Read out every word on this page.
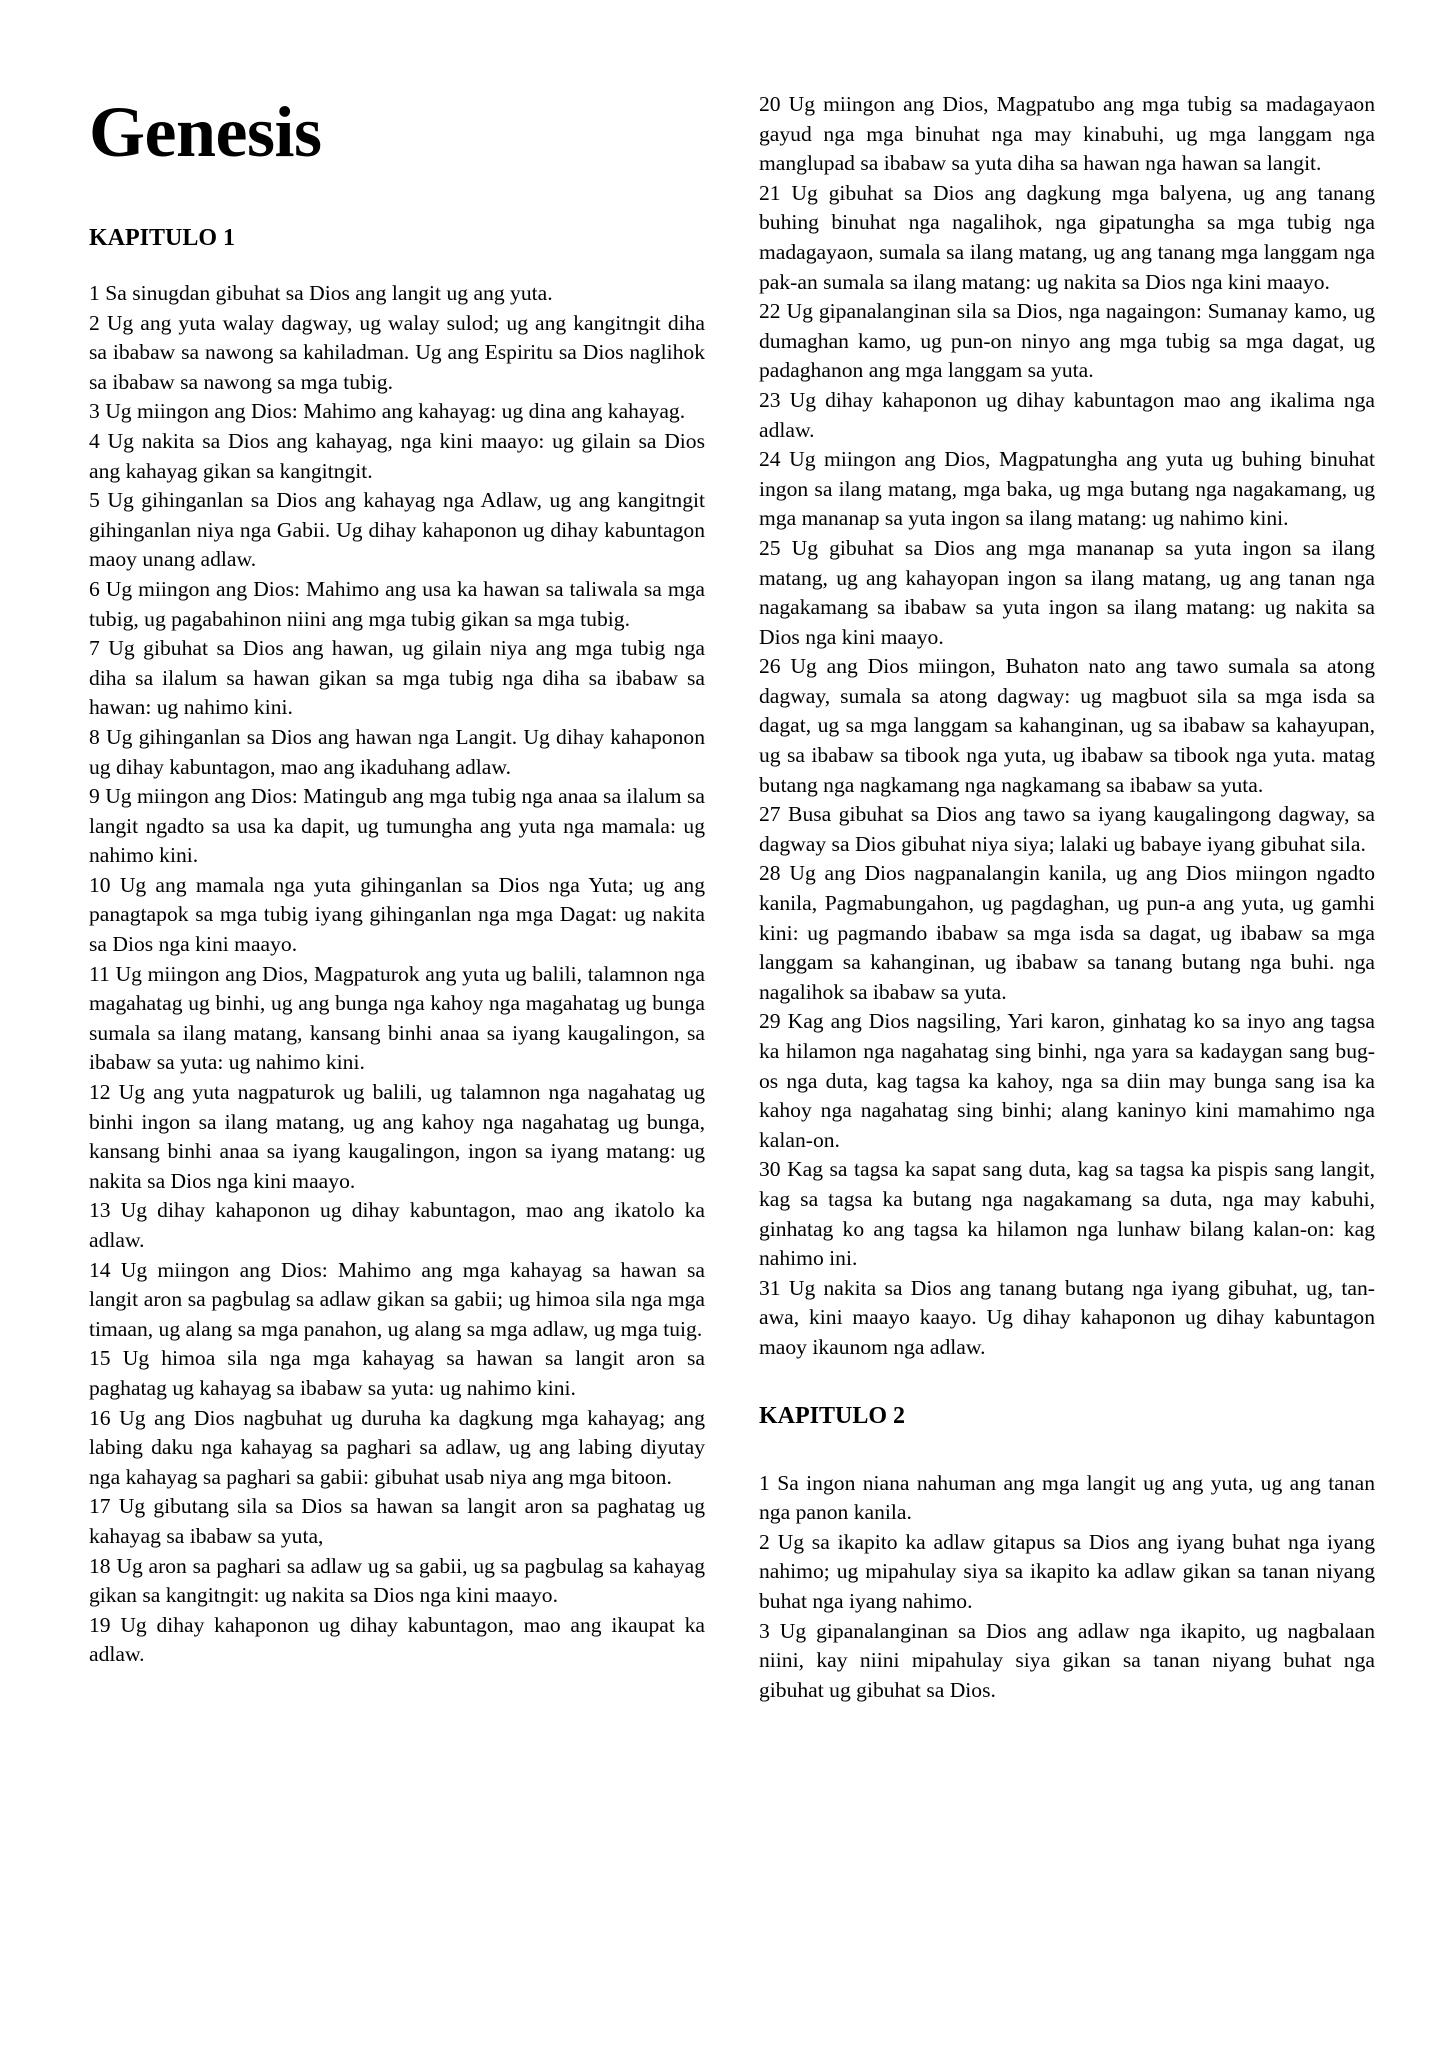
Genesis
KAPITULO 1

1 Sa sinugdan gibuhat sa Dios ang langit ug ang yuta.

2 Ug ang yuta walay dagway, ug walay sulod; ug ang kangitngit diha sa ibabaw sa nawong sa kahiladman. Ug ang Espiritu sa Dios naglihok sa ibabaw sa nawong sa mga tubig.

3 Ug miingon ang Dios: Mahimo ang kahayag: ug dina ang kahayag.

4 Ug nakita sa Dios ang kahayag, nga kini maayo: ug gilain sa Dios ang kahayag gikan sa kangitngit.

5 Ug gihinganlan sa Dios ang kahayag nga Adlaw, ug ang kangitngit gihinganlan niya nga Gabii. Ug dihay kahaponon ug dihay kabuntagon maoy unang adlaw.

6 Ug miingon ang Dios: Mahimo ang usa ka hawan sa taliwala sa mga tubig, ug pagabahinon niini ang mga tubig gikan sa mga tubig.

7 Ug gibuhat sa Dios ang hawan, ug gilain niya ang mga tubig nga diha sa ilalum sa hawan gikan sa mga tubig nga diha sa ibabaw sa hawan: ug nahimo kini.

8 Ug gihinganlan sa Dios ang hawan nga Langit. Ug dihay kahaponon ug dihay kabuntagon, mao ang ikaduhang adlaw.

9 Ug miingon ang Dios: Matingub ang mga tubig nga anaa sa ilalum sa langit ngadto sa usa ka dapit, ug tumungha ang yuta nga mamala: ug nahimo kini.

10 Ug ang mamala nga yuta gihinganlan sa Dios nga Yuta; ug ang panagtapok sa mga tubig iyang gihinganlan nga mga Dagat: ug nakita sa Dios nga kini maayo.

11 Ug miingon ang Dios, Magpaturok ang yuta ug balili, talamnon nga magahatag ug binhi, ug ang bunga nga kahoy nga magahatag ug bunga sumala sa ilang matang, kansang binhi anaa sa iyang kaugalingon, sa ibabaw sa yuta: ug nahimo kini.

12 Ug ang yuta nagpaturok ug balili, ug talamnon nga nagahatag ug binhi ingon sa ilang matang, ug ang kahoy nga nagahatag ug bunga, kansang binhi anaa sa iyang kaugalingon, ingon sa iyang matang: ug nakita sa Dios nga kini maayo.

13 Ug dihay kahaponon ug dihay kabuntagon, mao ang ikatolo ka adlaw.

14 Ug miingon ang Dios: Mahimo ang mga kahayag sa hawan sa langit aron sa pagbulag sa adlaw gikan sa gabii; ug himoa sila nga mga timaan, ug alang sa mga panahon, ug alang sa mga adlaw, ug mga tuig.

15 Ug himoa sila nga mga kahayag sa hawan sa langit aron sa paghatag ug kahayag sa ibabaw sa yuta: ug nahimo kini.

16 Ug ang Dios nagbuhat ug duruha ka dagkung mga kahayag; ang labing daku nga kahayag sa paghari sa adlaw, ug ang labing diyutay nga kahayag sa paghari sa gabii: gibuhat usab niya ang mga bitoon.

17 Ug gibutang sila sa Dios sa hawan sa langit aron sa paghatag ug kahayag sa ibabaw sa yuta,

18 Ug aron sa paghari sa adlaw ug sa gabii, ug sa pagbulag sa kahayag gikan sa kangitngit: ug nakita sa Dios nga kini maayo.

19 Ug dihay kahaponon ug dihay kabuntagon, mao ang ikaupat ka adlaw.

20 Ug miingon ang Dios, Magpatubo ang mga tubig sa madagayaon gayud nga mga binuhat nga may kinabuhi, ug mga langgam nga manglupad sa ibabaw sa yuta diha sa hawan nga hawan sa langit.

21 Ug gibuhat sa Dios ang dagkung mga balyena, ug ang tanang buhing binuhat nga nagalihok, nga gipatungha sa mga tubig nga madagayaon, sumala sa ilang matang, ug ang tanang mga langgam nga pak-an sumala sa ilang matang: ug nakita sa Dios nga kini maayo.

22 Ug gipanalanginan sila sa Dios, nga nagaingon: Sumanay kamo, ug dumaghan kamo, ug pun-on ninyo ang mga tubig sa mga dagat, ug padaghanon ang mga langgam sa yuta.

23 Ug dihay kahaponon ug dihay kabuntagon mao ang ikalima nga adlaw.

24 Ug miingon ang Dios, Magpatungha ang yuta ug buhing binuhat ingon sa ilang matang, mga baka, ug mga butang nga nagakamang, ug mga mananap sa yuta ingon sa ilang matang: ug nahimo kini.

25 Ug gibuhat sa Dios ang mga mananap sa yuta ingon sa ilang matang, ug ang kahayopan ingon sa ilang matang, ug ang tanan nga nagakamang sa ibabaw sa yuta ingon sa ilang matang: ug nakita sa Dios nga kini maayo.

26 Ug ang Dios miingon, Buhaton nato ang tawo sumala sa atong dagway, sumala sa atong dagway: ug magbuot sila sa mga isda sa dagat, ug sa mga langgam sa kahanginan, ug sa ibabaw sa kahayupan, ug sa ibabaw sa tibook nga yuta, ug ibabaw sa tibook nga yuta. matag butang nga nagkamang nga nagkamang sa ibabaw sa yuta.

27 Busa gibuhat sa Dios ang tawo sa iyang kaugalingong dagway, sa dagway sa Dios gibuhat niya siya; lalaki ug babaye iyang gibuhat sila.

28 Ug ang Dios nagpanalangin kanila, ug ang Dios miingon ngadto kanila, Pagmabungahon, ug pagdaghan, ug pun-a ang yuta, ug gamhi kini: ug pagmando ibabaw sa mga isda sa dagat, ug ibabaw sa mga langgam sa kahanginan, ug ibabaw sa tanang butang nga buhi. nga nagalihok sa ibabaw sa yuta.

29 Kag ang Dios nagsiling, Yari karon, ginhatag ko sa inyo ang tagsa ka hilamon nga nagahatag sing binhi, nga yara sa kadaygan sang bug-os nga duta, kag tagsa ka kahoy, nga sa diin may bunga sang isa ka kahoy nga nagahatag sing binhi; alang kaninyo kini mamahimo nga kalan-on.

30 Kag sa tagsa ka sapat sang duta, kag sa tagsa ka pispis sang langit, kag sa tagsa ka butang nga nagakamang sa duta, nga may kabuhi, ginhatag ko ang tagsa ka hilamon nga lunhaw bilang kalan-on: kag nahimo ini.

31 Ug nakita sa Dios ang tanang butang nga iyang gibuhat, ug, tan-awa, kini maayo kaayo. Ug dihay kahaponon ug dihay kabuntagon maoy ikaunom nga adlaw.

KAPITULO 2

1 Sa ingon niana nahuman ang mga langit ug ang yuta, ug ang tanan nga panon kanila.

2 Ug sa ikapito ka adlaw gitapus sa Dios ang iyang buhat nga iyang nahimo; ug mipahulay siya sa ikapito ka adlaw gikan sa tanan niyang buhat nga iyang nahimo.

3 Ug gipanalanginan sa Dios ang adlaw nga ikapito, ug nagbalaan niini, kay niini mipahulay siya gikan sa tanan niyang buhat nga gibuhat ug gibuhat sa Dios.
